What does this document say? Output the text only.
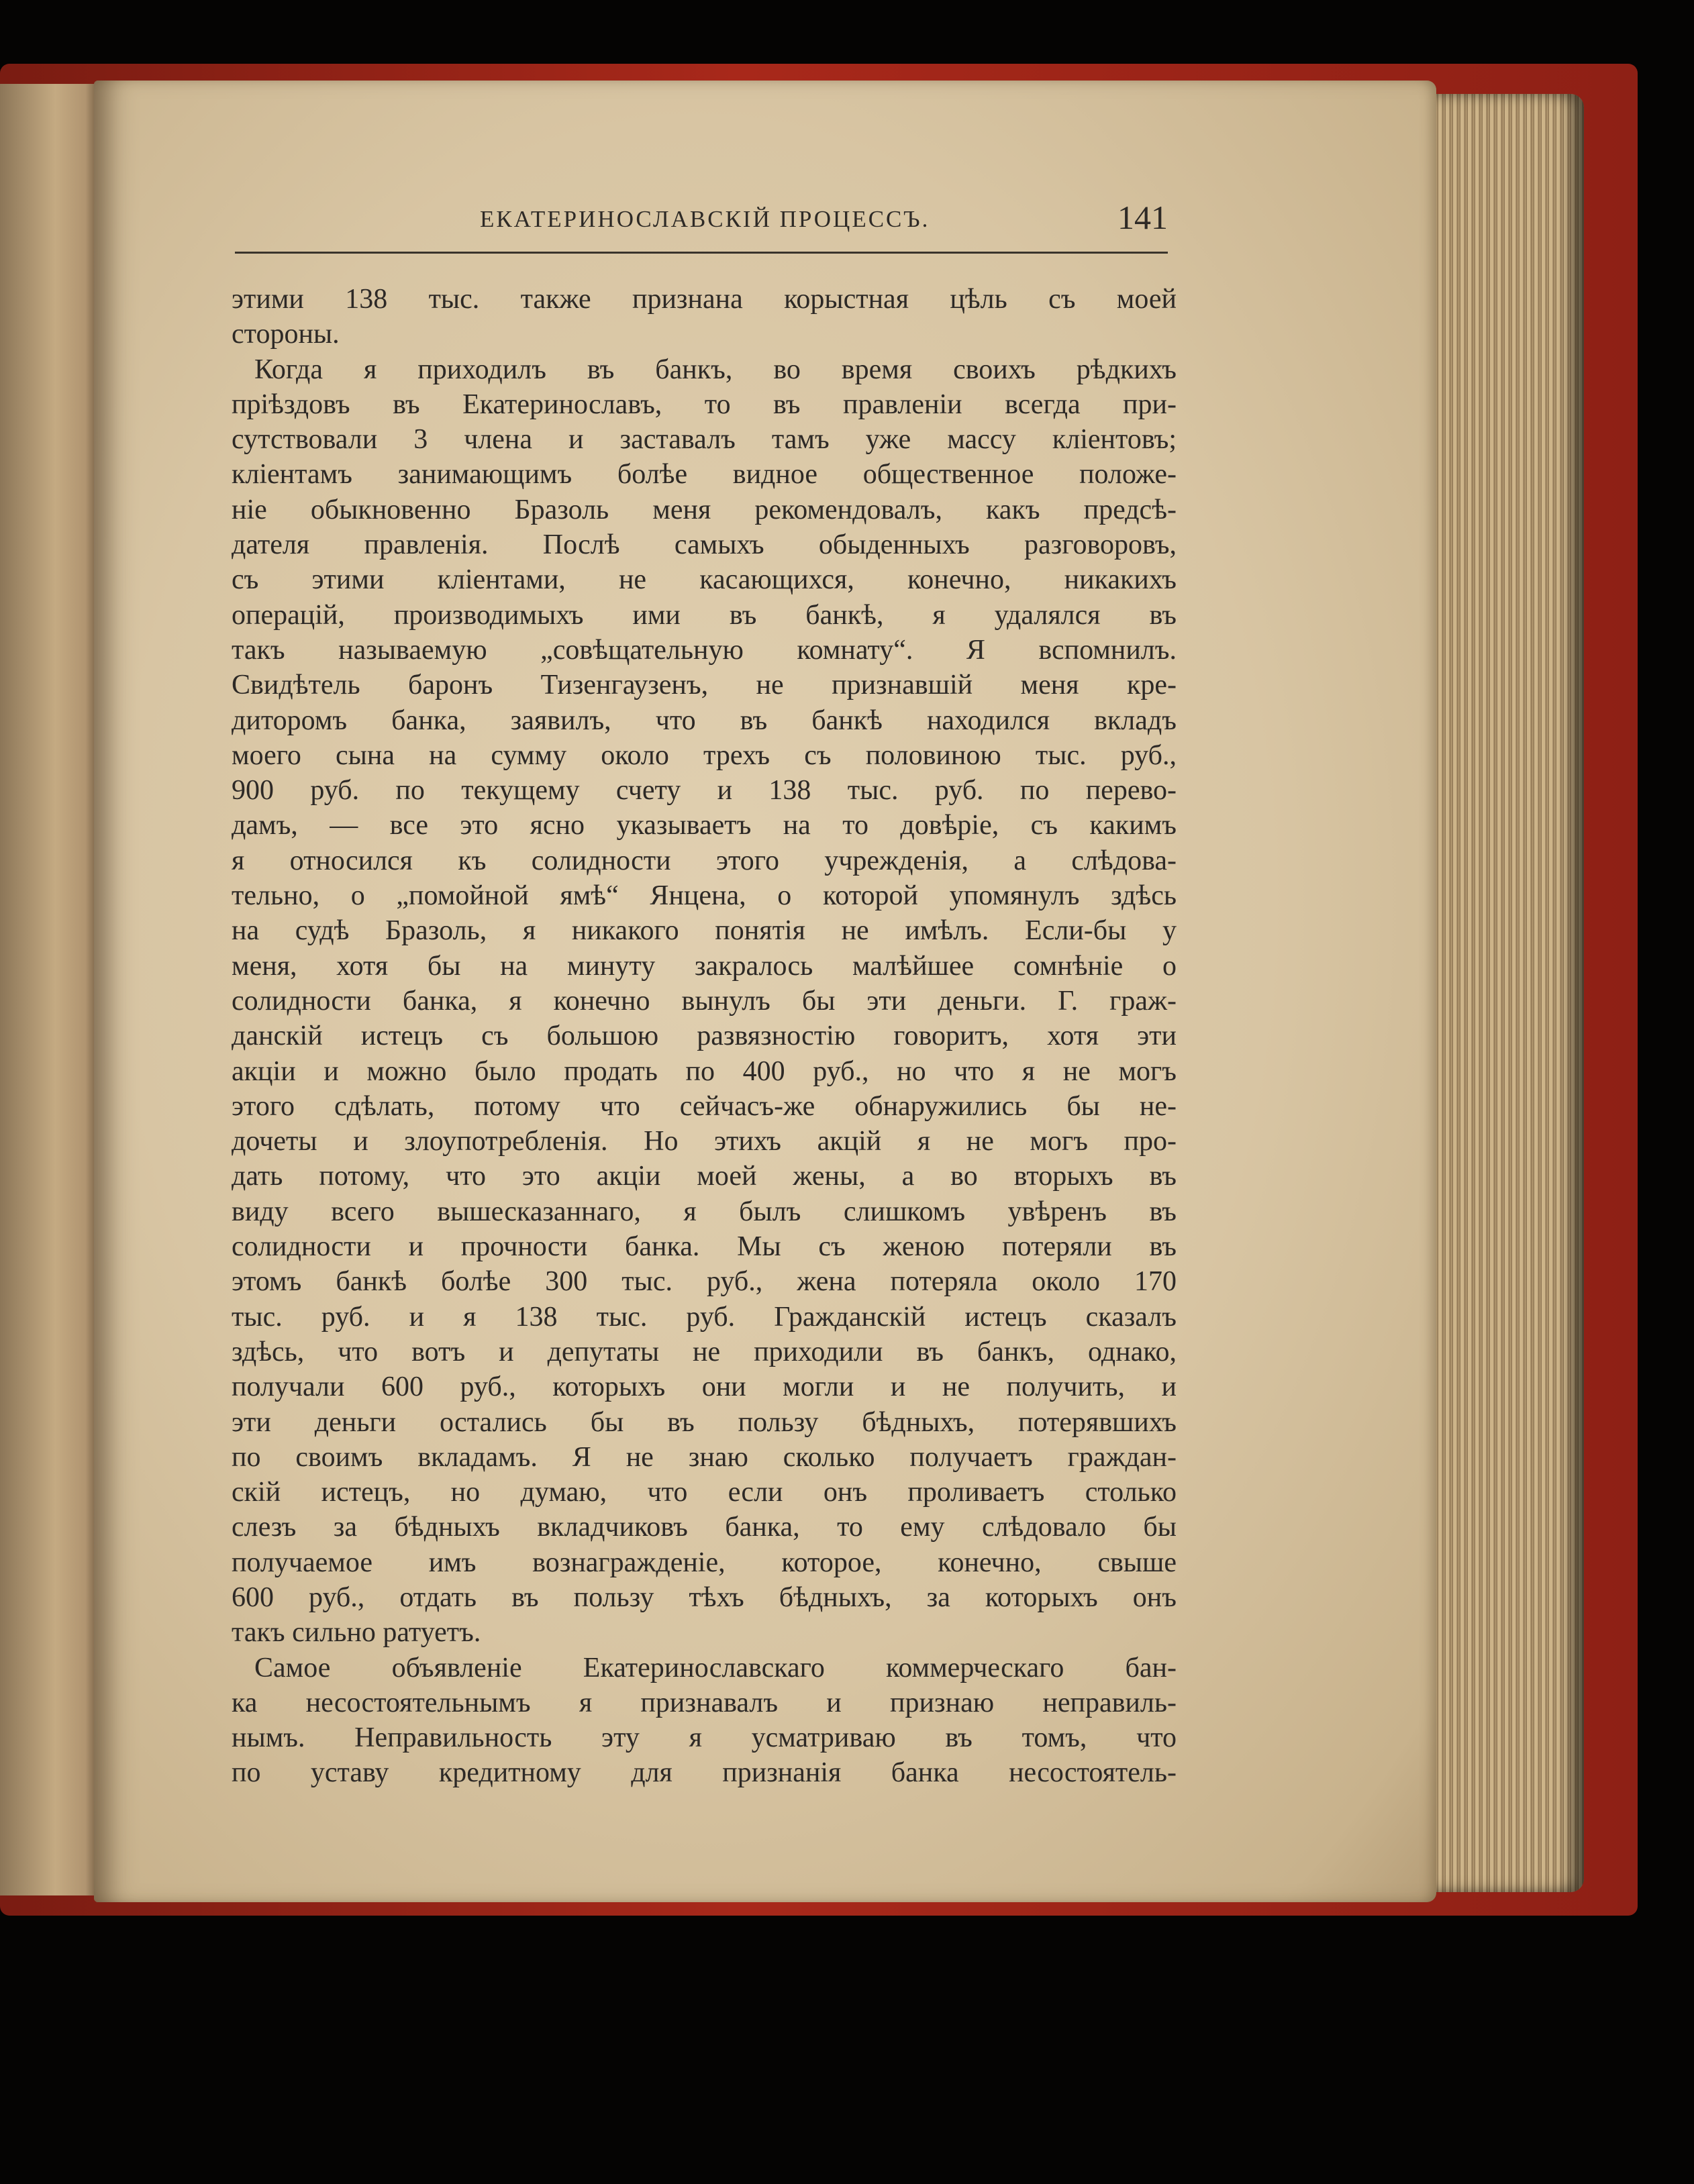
ЕКАТЕРИНОСЛАВСКІЙ ПРОЦЕССЪ.	141
этими 138 тыс. также признана корыстная цѣль съ моей
стороны.
Когда я приходилъ въ банкъ, во время своихъ рѣдкихъ
пріѣздовъ въ Екатеринославъ, то въ правленіи всегда при-
сутствовали 3 члена и заставалъ тамъ уже массу кліентовъ;
кліентамъ занимающимъ болѣе видное общественное положе-
ніе обыкновенно Бразоль меня рекомендовалъ, какъ предсѣ-
дателя правленія. Послѣ самыхъ обыденныхъ разговоровъ,
съ этими кліентами, не касающихся, конечно, никакихъ
операцій, производимыхъ ими въ банкѣ, я удалялся въ
такъ называемую „совѣщательную комнату“. Я вспомнилъ.
Свидѣтель баронъ Тизенгаузенъ, не признавшій меня кре-
диторомъ банка, заявилъ, что въ банкѣ находился вкладъ
моего сына на сумму около трехъ съ половиною тыс. руб.,
900 руб. по текущему счету и 138 тыс. руб. по перево-
дамъ, — все это ясно указываетъ на то довѣріе, съ какимъ
я относился къ солидности этого учрежденія, а слѣдова-
тельно, о „помойной ямѣ“ Янцена, о которой упомянулъ здѣсь
на судѣ Бразоль, я никакого понятія не имѣлъ. Если-бы у
меня, хотя бы на минуту закралось малѣйшее сомнѣніе о
солидности банка, я конечно вынулъ бы эти деньги. Г. граж-
данскій истецъ съ большою развязностію говоритъ, хотя эти
акціи и можно было продать по 400 руб., но что я не могъ
этого сдѣлать, потому что сейчасъ-же обнаружились бы не-
дочеты и злоупотребленія. Но этихъ акцій я не могъ про-
дать потому, что это акціи моей жены, а во вторыхъ въ
виду всего вышесказаннаго, я былъ слишкомъ увѣренъ въ
солидности и прочности банка. Мы съ женою потеряли въ
этомъ банкѣ болѣе 300 тыс. руб., жена потеряла около 170
тыс. руб. и я 138 тыс. руб. Гражданскій истецъ сказалъ
здѣсь, что вотъ и депутаты не приходили въ банкъ, однако,
получали 600 руб., которыхъ они могли и не получить, и
эти деньги остались бы въ пользу бѣдныхъ, потерявшихъ
по своимъ вкладамъ. Я не знаю сколько получаетъ граждан-
скій истецъ, но думаю, что если онъ проливаетъ столько
слезъ за бѣдныхъ вкладчиковъ банка, то ему слѣдовало бы
получаемое имъ вознагражденіе, которое, конечно, свыше
600 руб., отдать въ пользу тѣхъ бѣдныхъ, за которыхъ онъ
такъ сильно ратуетъ.
Самое объявленіе Екатеринославскаго коммерческаго бан-
ка несостоятельнымъ я признавалъ и признаю неправиль-
нымъ. Неправильность эту я усматриваю въ томъ, что
по уставу кредитному для признанія банка несостоятель-
